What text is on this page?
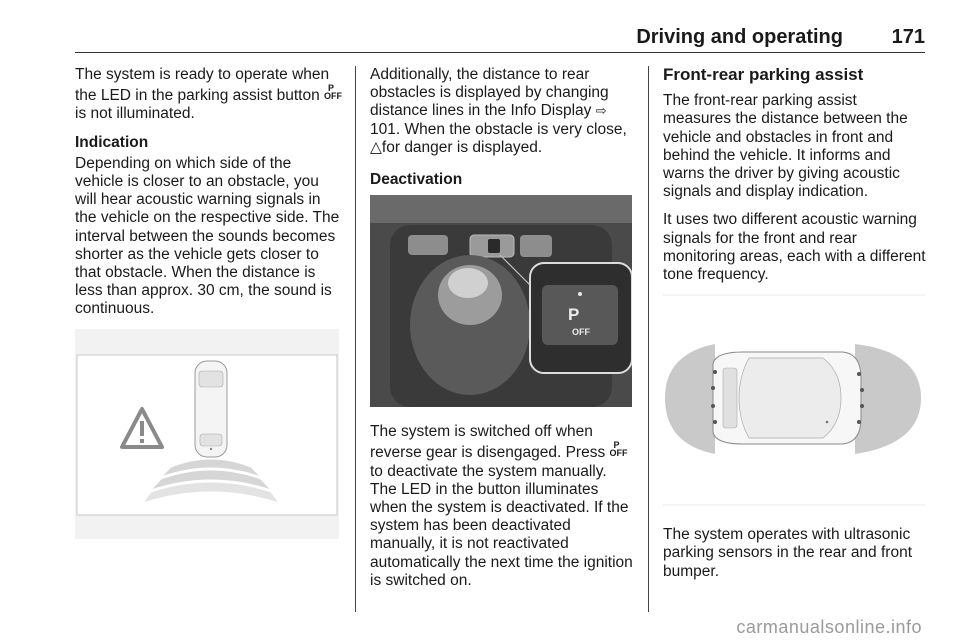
Driving and operating 171

The system is ready to operate when the LED in the parking assist button P
OFF
is not illuminated.

Indication

Depending on which side of the vehicle is closer to an obstacle, you will hear acoustic warning signals in the vehicle on the respective side. The interval between the sounds becomes shorter as the vehicle gets closer to that obstacle. When the distance is less than approx. 30 cm, the sound is continuous.

Additionally, the distance to rear obstacles is displayed by changing distance lines in the Info Display ⇨ 101. When the obstacle is very close, △for danger is displayed.

Deactivation
P
OFF

The system is switched off when reverse gear is disengaged. Press P
OFF
to deactivate the system manually. The LED in the button illuminates when the system is deactivated. If the system has been deactivated manually, it is not reactivated automatically the next time the ignition is switched on.

Front-rear parking assist

The front-rear parking assist measures the distance between the vehicle and obstacles in front and behind the vehicle. It informs and warns the driver by giving acoustic signals and display indication.

It uses two different acoustic warning signals for the front and rear monitoring areas, each with a different tone frequency.

The system operates with ultrasonic parking sensors in the rear and front bumper.

carmanualsonline.info
